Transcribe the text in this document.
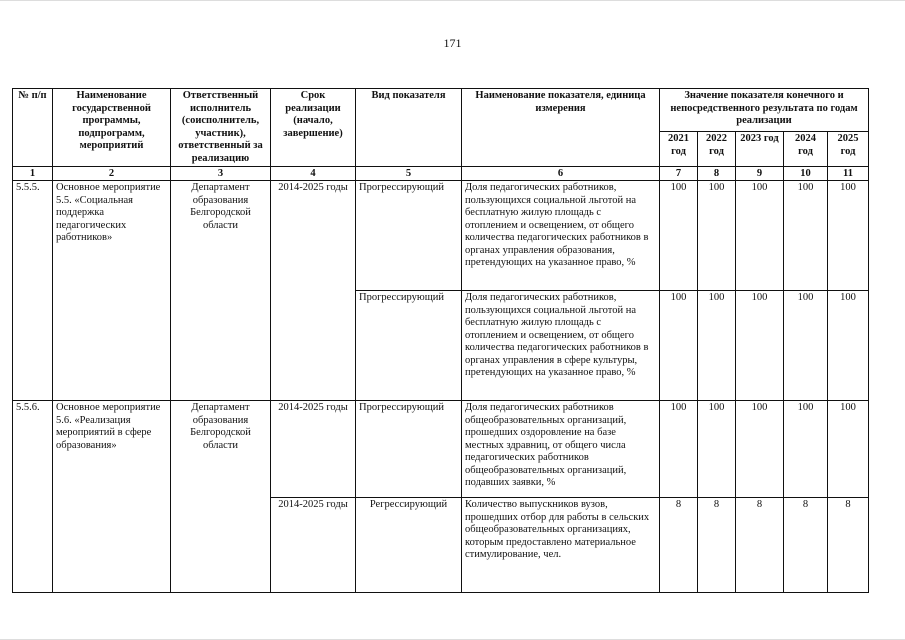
171
№ п/п	Наименование государственной программы, подпрограмм, мероприятий	Ответственный исполнитель (соисполнитель, участник), ответственный за реализацию	Срок реализации (начало, завершение)	Вид показателя	Наименование показателя, единица измерения	Значение показателя конечного и непосредственного результата по годам реализации				
						2021 год	2022 год	2023 год	2024 год	2025 год
1	2	3	4	5	6	7	8	9	10	11
5.5.5.	Основное мероприятие 5.5. «Социальная поддержка педагогических работников»	Департамент образования Белгородской области	2014-2025 годы	Прогрессирующий	Доля педагогических работников, пользующихся социальной льготой на бесплатную жилую площадь с отоплением и освещением, от общего количества педагогических работников в органах управления образования, претендующих на указанное право, %	100	100	100	100	100
				Прогрессирующий	Доля педагогических работников, пользующихся социальной льготой на бесплатную жилую площадь с отоплением и освещением, от общего количества педагогических работников в органах управления в сфере культуры, претендующих на указанное право, %	100	100	100	100	100
5.5.6.	Основное мероприятие 5.6. «Реализация мероприятий в сфере образования»	Департамент образования Белгородской области	2014-2025 годы	Прогрессирующий	Доля педагогических работников общеобразовательных организаций, прошедших оздоровление на базе местных здравниц, от общего числа педагогических работников общеобразовательных организаций, подавших заявки, %	100	100	100	100	100
			2014-2025 годы	Регрессирующий	Количество выпускников вузов, прошедших отбор для работы в сельских общеобразовательных организациях, которым предоставлено материальное стимулирование, чел.	8	8	8	8	8
